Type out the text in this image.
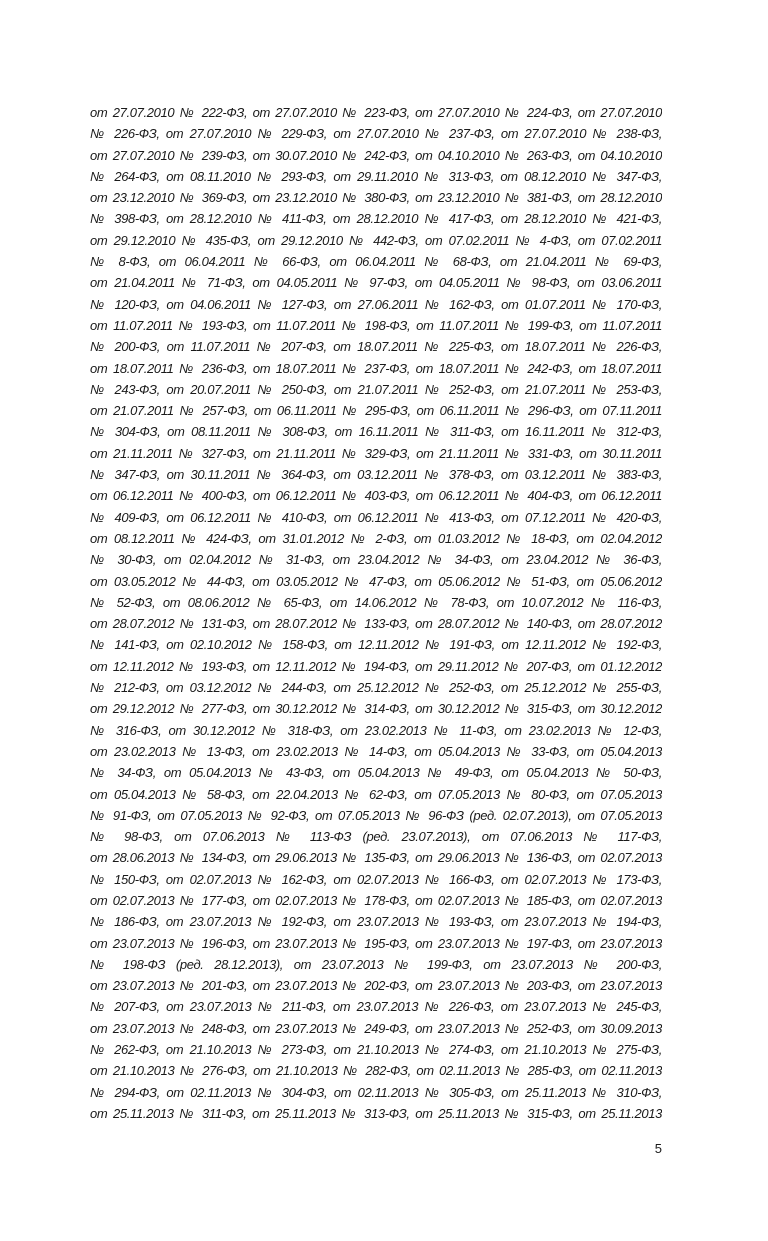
от 27.07.2010 № 222-ФЗ, от 27.07.2010 № 223-ФЗ, от 27.07.2010 № 224-ФЗ, от 27.07.2010
№ 226-ФЗ, от 27.07.2010 № 229-ФЗ, от 27.07.2010 № 237-ФЗ, от 27.07.2010 № 238-ФЗ,
от 27.07.2010 № 239-ФЗ, от 30.07.2010 № 242-ФЗ, от 04.10.2010 № 263-ФЗ, от 04.10.2010
№ 264-ФЗ, от 08.11.2010 № 293-ФЗ, от 29.11.2010 № 313-ФЗ, от 08.12.2010 № 347-ФЗ,
от 23.12.2010 № 369-ФЗ, от 23.12.2010 № 380-ФЗ, от 23.12.2010 № 381-ФЗ, от 28.12.2010
№ 398-ФЗ, от 28.12.2010 № 411-ФЗ, от 28.12.2010 № 417-ФЗ, от 28.12.2010 № 421-ФЗ,
от 29.12.2010 № 435-ФЗ, от 29.12.2010 № 442-ФЗ, от 07.02.2011 № 4-ФЗ, от 07.02.2011
№ 8-ФЗ, от 06.04.2011 № 66-ФЗ, от 06.04.2011 № 68-ФЗ, от 21.04.2011 № 69-ФЗ,
от 21.04.2011 № 71-ФЗ, от 04.05.2011 № 97-ФЗ, от 04.05.2011 № 98-ФЗ, от 03.06.2011
№ 120-ФЗ, от 04.06.2011 № 127-ФЗ, от 27.06.2011 № 162-ФЗ, от 01.07.2011 № 170-ФЗ,
от 11.07.2011 № 193-ФЗ, от 11.07.2011 № 198-ФЗ, от 11.07.2011 № 199-ФЗ, от 11.07.2011
№ 200-ФЗ, от 11.07.2011 № 207-ФЗ, от 18.07.2011 № 225-ФЗ, от 18.07.2011 № 226-ФЗ,
от 18.07.2011 № 236-ФЗ, от 18.07.2011 № 237-ФЗ, от 18.07.2011 № 242-ФЗ, от 18.07.2011
№ 243-ФЗ, от 20.07.2011 № 250-ФЗ, от 21.07.2011 № 252-ФЗ, от 21.07.2011 № 253-ФЗ,
от 21.07.2011 № 257-ФЗ, от 06.11.2011 № 295-ФЗ, от 06.11.2011 № 296-ФЗ, от 07.11.2011
№ 304-ФЗ, от 08.11.2011 № 308-ФЗ, от 16.11.2011 № 311-ФЗ, от 16.11.2011 № 312-ФЗ,
от 21.11.2011 № 327-ФЗ, от 21.11.2011 № 329-ФЗ, от 21.11.2011 № 331-ФЗ, от 30.11.2011
№ 347-ФЗ, от 30.11.2011 № 364-ФЗ, от 03.12.2011 № 378-ФЗ, от 03.12.2011 № 383-ФЗ,
от 06.12.2011 № 400-ФЗ, от 06.12.2011 № 403-ФЗ, от 06.12.2011 № 404-ФЗ, от 06.12.2011
№ 409-ФЗ, от 06.12.2011 № 410-ФЗ, от 06.12.2011 № 413-ФЗ, от 07.12.2011 № 420-ФЗ,
от 08.12.2011 № 424-ФЗ, от 31.01.2012 № 2-ФЗ, от 01.03.2012 № 18-ФЗ, от 02.04.2012
№ 30-ФЗ, от 02.04.2012 № 31-ФЗ, от 23.04.2012 № 34-ФЗ, от 23.04.2012 № 36-ФЗ,
от 03.05.2012 № 44-ФЗ, от 03.05.2012 № 47-ФЗ, от 05.06.2012 № 51-ФЗ, от 05.06.2012
№ 52-ФЗ, от 08.06.2012 № 65-ФЗ, от 14.06.2012 № 78-ФЗ, от 10.07.2012 № 116-ФЗ,
от 28.07.2012 № 131-ФЗ, от 28.07.2012 № 133-ФЗ, от 28.07.2012 № 140-ФЗ, от 28.07.2012
№ 141-ФЗ, от 02.10.2012 № 158-ФЗ, от 12.11.2012 № 191-ФЗ, от 12.11.2012 № 192-ФЗ,
от 12.11.2012 № 193-ФЗ, от 12.11.2012 № 194-ФЗ, от 29.11.2012 № 207-ФЗ, от 01.12.2012
№ 212-ФЗ, от 03.12.2012 № 244-ФЗ, от 25.12.2012 № 252-ФЗ, от 25.12.2012 № 255-ФЗ,
от 29.12.2012 № 277-ФЗ, от 30.12.2012 № 314-ФЗ, от 30.12.2012 № 315-ФЗ, от 30.12.2012
№ 316-ФЗ, от 30.12.2012 № 318-ФЗ, от 23.02.2013 № 11-ФЗ, от 23.02.2013 № 12-ФЗ,
от 23.02.2013 № 13-ФЗ, от 23.02.2013 № 14-ФЗ, от 05.04.2013 № 33-ФЗ, от 05.04.2013
№ 34-ФЗ, от 05.04.2013 № 43-ФЗ, от 05.04.2013 № 49-ФЗ, от 05.04.2013 № 50-ФЗ,
от 05.04.2013 № 58-ФЗ, от 22.04.2013 № 62-ФЗ, от 07.05.2013 № 80-ФЗ, от 07.05.2013
№ 91-ФЗ, от 07.05.2013 № 92-ФЗ, от 07.05.2013 № 96-ФЗ (ред. 02.07.2013), от 07.05.2013
№ 98-ФЗ, от 07.06.2013 № 113-ФЗ (ред. 23.07.2013), от 07.06.2013 № 117-ФЗ,
от 28.06.2013 № 134-ФЗ, от 29.06.2013 № 135-ФЗ, от 29.06.2013 № 136-ФЗ, от 02.07.2013
№ 150-ФЗ, от 02.07.2013 № 162-ФЗ, от 02.07.2013 № 166-ФЗ, от 02.07.2013 № 173-ФЗ,
от 02.07.2013 № 177-ФЗ, от 02.07.2013 № 178-ФЗ, от 02.07.2013 № 185-ФЗ, от 02.07.2013
№ 186-ФЗ, от 23.07.2013 № 192-ФЗ, от 23.07.2013 № 193-ФЗ, от 23.07.2013 № 194-ФЗ,
от 23.07.2013 № 196-ФЗ, от 23.07.2013 № 195-ФЗ, от 23.07.2013 № 197-ФЗ, от 23.07.2013
№ 198-ФЗ (ред. 28.12.2013), от 23.07.2013 № 199-ФЗ, от 23.07.2013 № 200-ФЗ,
от 23.07.2013 № 201-ФЗ, от 23.07.2013 № 202-ФЗ, от 23.07.2013 № 203-ФЗ, от 23.07.2013
№ 207-ФЗ, от 23.07.2013 № 211-ФЗ, от 23.07.2013 № 226-ФЗ, от 23.07.2013 № 245-ФЗ,
от 23.07.2013 № 248-ФЗ, от 23.07.2013 № 249-ФЗ, от 23.07.2013 № 252-ФЗ, от 30.09.2013
№ 262-ФЗ, от 21.10.2013 № 273-ФЗ, от 21.10.2013 № 274-ФЗ, от 21.10.2013 № 275-ФЗ,
от 21.10.2013 № 276-ФЗ, от 21.10.2013 № 282-ФЗ, от 02.11.2013 № 285-ФЗ, от 02.11.2013
№ 294-ФЗ, от 02.11.2013 № 304-ФЗ, от 02.11.2013 № 305-ФЗ, от 25.11.2013 № 310-ФЗ,
от 25.11.2013 № 311-ФЗ, от 25.11.2013 № 313-ФЗ, от 25.11.2013 № 315-ФЗ, от 25.11.2013
5
